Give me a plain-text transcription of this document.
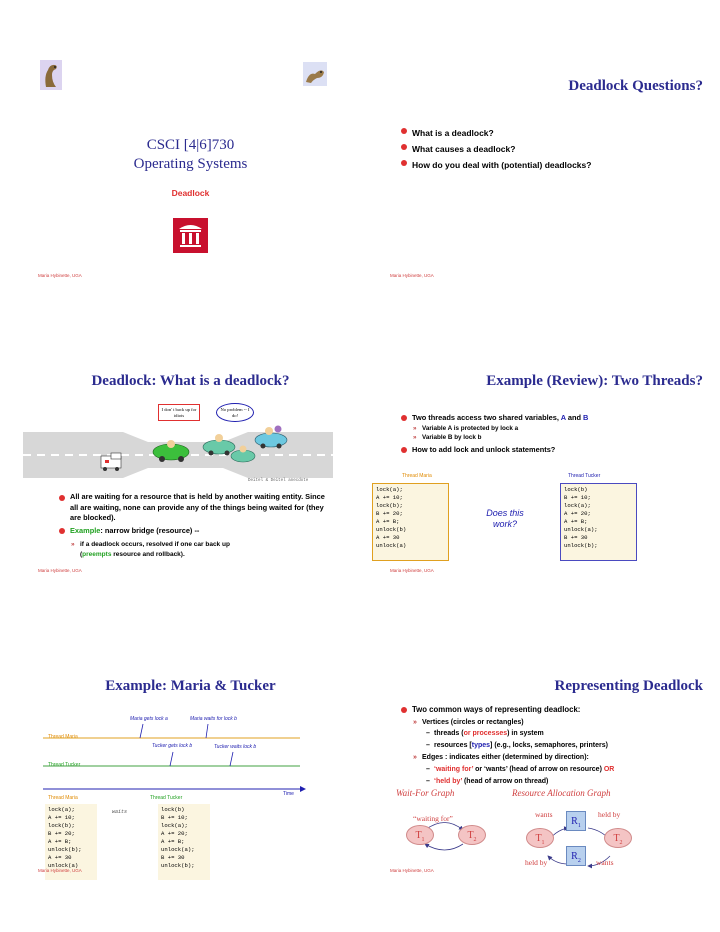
CSCI [4|6]730
Operating Systems
Deadlock
Maria Hybinette, UGA
Deadlock Questions?
What is a deadlock?
What causes a deadlock?
How do you deal with (potential) deadlocks?
Maria Hybinette, UGA
Deadlock: What is a deadlock?
I don' t back up for idiots
No problem -- I do!
Deitel & Deitel anecdote
All are waiting for a resource that is held by another waiting entity. Since all are waiting, none can provide any of the things being waited for (they are blocked).
Example: narrow bridge (resource) --
» if a deadlock occurs, resolved if one car back up
(preempts resource and rollback).
Maria Hybinette, UGA
Example (Review): Two Threads?
Two threads access two shared variables, A and B
» Variable A is protected by lock a
» Variable B by lock b
How to add lock and unlock statements?
Thread Maria	Thread Tucker
lock(a);
A += 10;
lock(b);
B += 20;
A += B;
unlock(b)
A += 30
unlock(a)
lock(b)
B += 10;
lock(a);
A += 20;
A += B;
unlock(a);
B += 30
unlock(b);
Does this work?
Maria Hybinette, UGA
Example: Maria & Tucker
Maria gets lock a	Maria waits for lock b
Tucker gets lock b	Tucker waits lock b
Thread Maria
Thread Tucker
Time
Thread Maria	Thread Tucker
lock(a);
A += 10;
lock(b);
B += 20;
A += B;
unlock(b);
A += 30
unlock(a)
waits	lock(b)
B += 10;
lock(a);
A += 20;
A += B;
unlock(a);
B += 30
unlock(b);
Maria Hybinette, UGA
Representing Deadlock
Two common ways of representing deadlock:
» Vertices (circles or rectangles)
– threads (or processes) in system
– resources [types] (e.g., locks, semaphores, printers)
» Edges : indicates either (determined by direction):
– ‘waiting for’ or ‘wants’ (head of arrow on resource) OR
– ‘held by’ (head of arrow on thread)
Wait-For Graph	Resource Allocation Graph
“waiting for”
$T_1$	$T_2$
wants	held by
$R_1$
$T_1$	$T_2$
$R_2$
held by	wants
Maria Hybinette, UGA
